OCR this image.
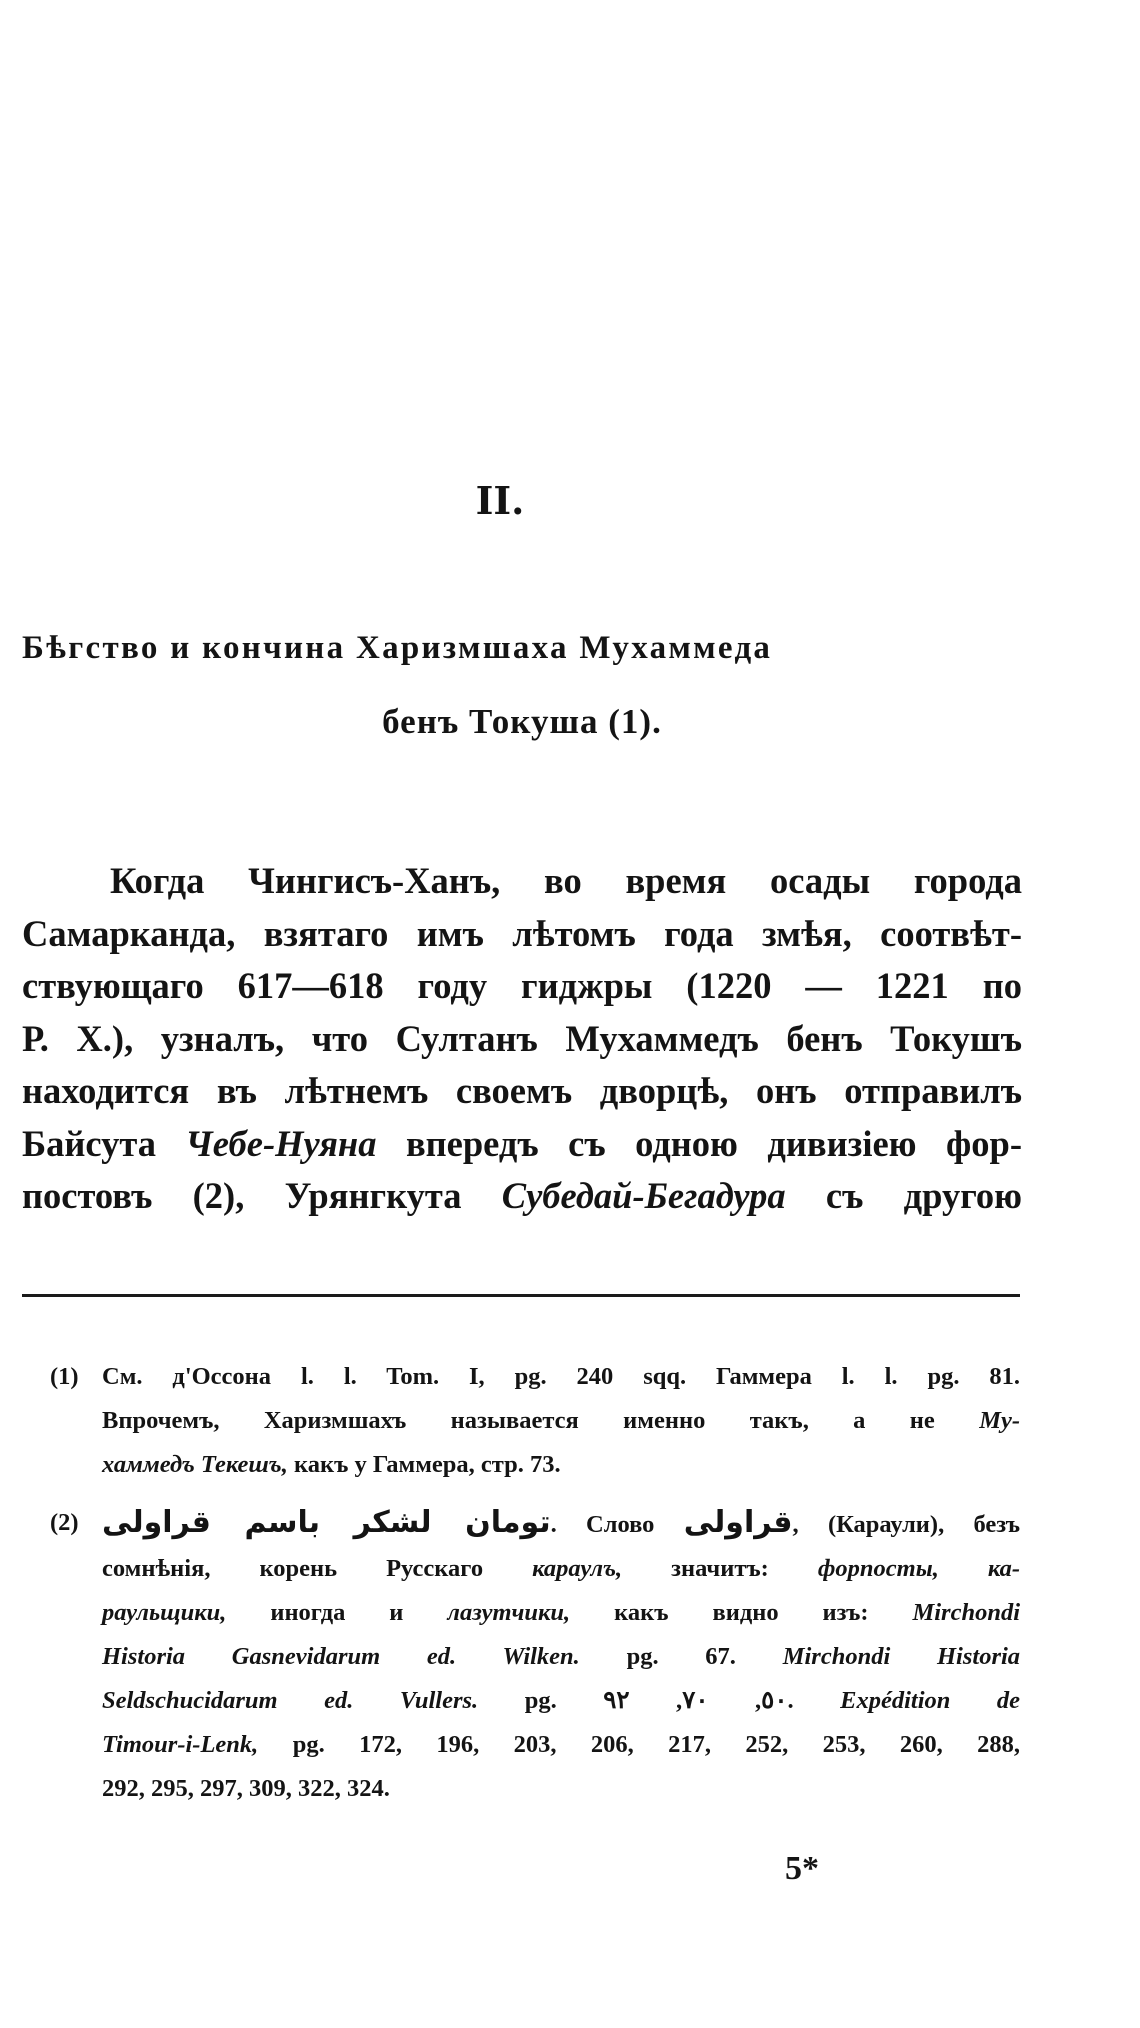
II.
Бѣгство и кончина Харизмшаха Мухаммеда
бенъ Токуша (1).
Когда Чингисъ-Ханъ, во время осады города
Самарканда, взятаго имъ лѣтомъ года змѣя, соотвѣт-
ствующаго 617—618 году гиджры (1220 — 1221 по
Р. Х.), узналъ, что Султанъ Мухаммедъ бенъ Токушъ
находится въ лѣтнемъ своемъ дворцѣ, онъ отправилъ
Байсута Чебе-Нуяна впередъ съ одною дивизіею фор-
постовъ (2), Урянгкута Субедай-Бегадура съ другою
(1) См. д'Оссона l. l. Tom. I, pg. 240 sqq. Гаммера l. l. pg. 81.
Впрочемъ, Харизмшахъ называется именно такъ, а не Му-
хаммедъ Текешъ, какъ у Гаммера, стр. 73.
(2) تومان لشكر باسم قراولى. Слово قراولى, (Караули), безъ
сомнѣнія, корень Русскаго караулъ, значитъ: форпосты, ка-
раульщики, иногда и лазутчики, какъ видно изъ: Mirchondi
Historia Gasnevidarum ed. Wilken. pg. 67. Mirchondi Historia
Seldschucidarum ed. Vullers. pg. ٥٠, ٧٠, ٩٢. Expédition de
Timour-i-Lenk, pg. 172, 196, 203, 206, 217, 252, 253, 260, 288,
292, 295, 297, 309, 322, 324.
5*
